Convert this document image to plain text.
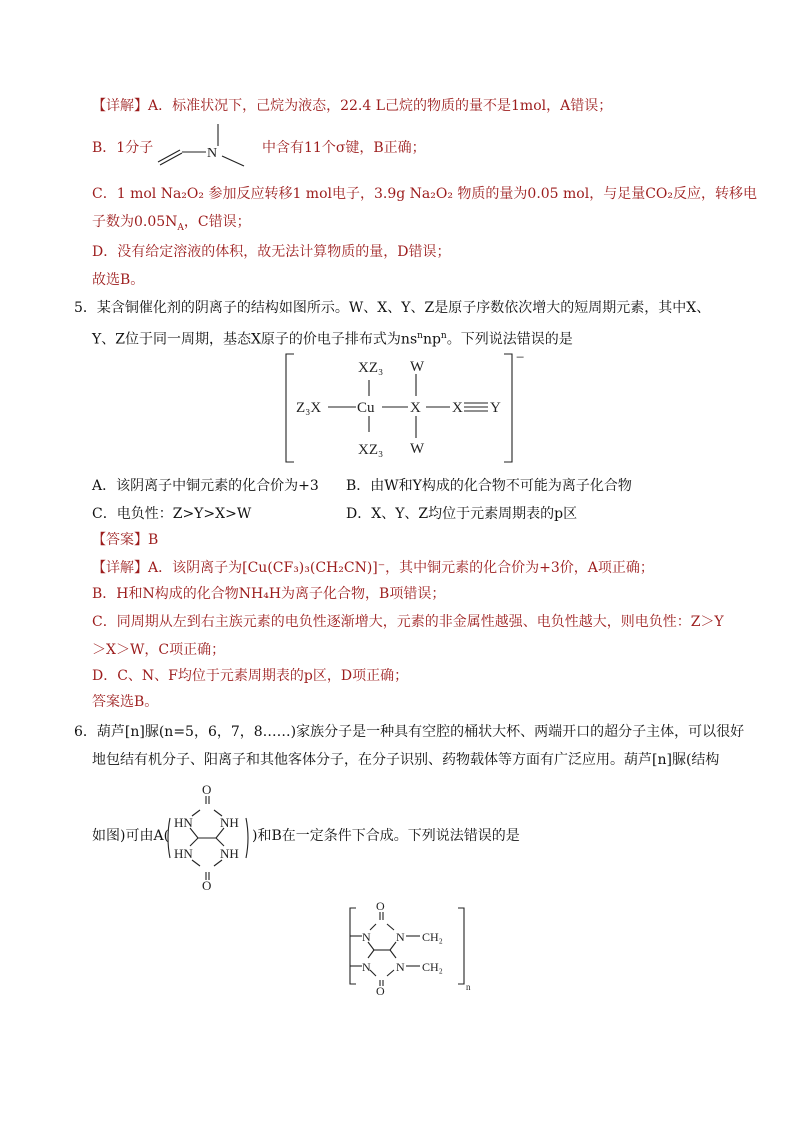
【详解】A．标准状况下，己烷为液态，22.4 L己烷的物质的量不是1mol，A错误；
B．1分子	N	中含有11个σ键，B正确；
C．1 mol Na₂O₂ 参加反应转移1 mol电子，3.9g Na₂O₂ 物质的量为0.05 mol，与足量CO₂反应，转移电
子数为$0.05N_A$，C错误；
D．没有给定溶液的体积，故无法计算物质的量，D错误；
故选B。
5．某含铜催化剂的阴离子的结构如图所示。W、X、Y、Z是原子序数依次增大的短周期元素，其中X、
Y、Z位于同一周期，基态X原子的价电子排布式为$ns^nnp^n$。下列说法错误的是
XZ₃ W
Z₃X Cu X X Y
XZ₃ W
−
A．该阴离子中铜元素的化合价为+3 B．由W和Y构成的化合物不可能为离子化合物
C．电负性：Z>Y>X>W	D．X、Y、Z均位于元素周期表的p区
【答案】B
【详解】A．该阴离子为[Cu(CF₃)₃(CH₂CN)]⁻，其中铜元素的化合价为+3价，A项正确；
B．H和N构成的化合物NH₄H为离子化合物，B项错误；
C．同周期从左到右主族元素的电负性逐渐增大，元素的非金属性越强、电负性越大，则电负性：Z＞Y
＞X＞W，C项正确；
D．C、N、F均位于元素周期表的p区，D项正确；
答案选B。
6．葫芦[n]脲(n=5，6，7，8……)家族分子是一种具有空腔的桶状大杯、两端开口的超分子主体，可以很好
地包结有机分子、阳离子和其他客体分子，在分子识别、药物载体等方面有广泛应用。葫芦[n]脲(结构
如图)可由A(
O
HN NH
HN NH
O
)和B在一定条件下合成。下列说法错误的是
O
N N
N N
O
CH₂
CH₂
n
